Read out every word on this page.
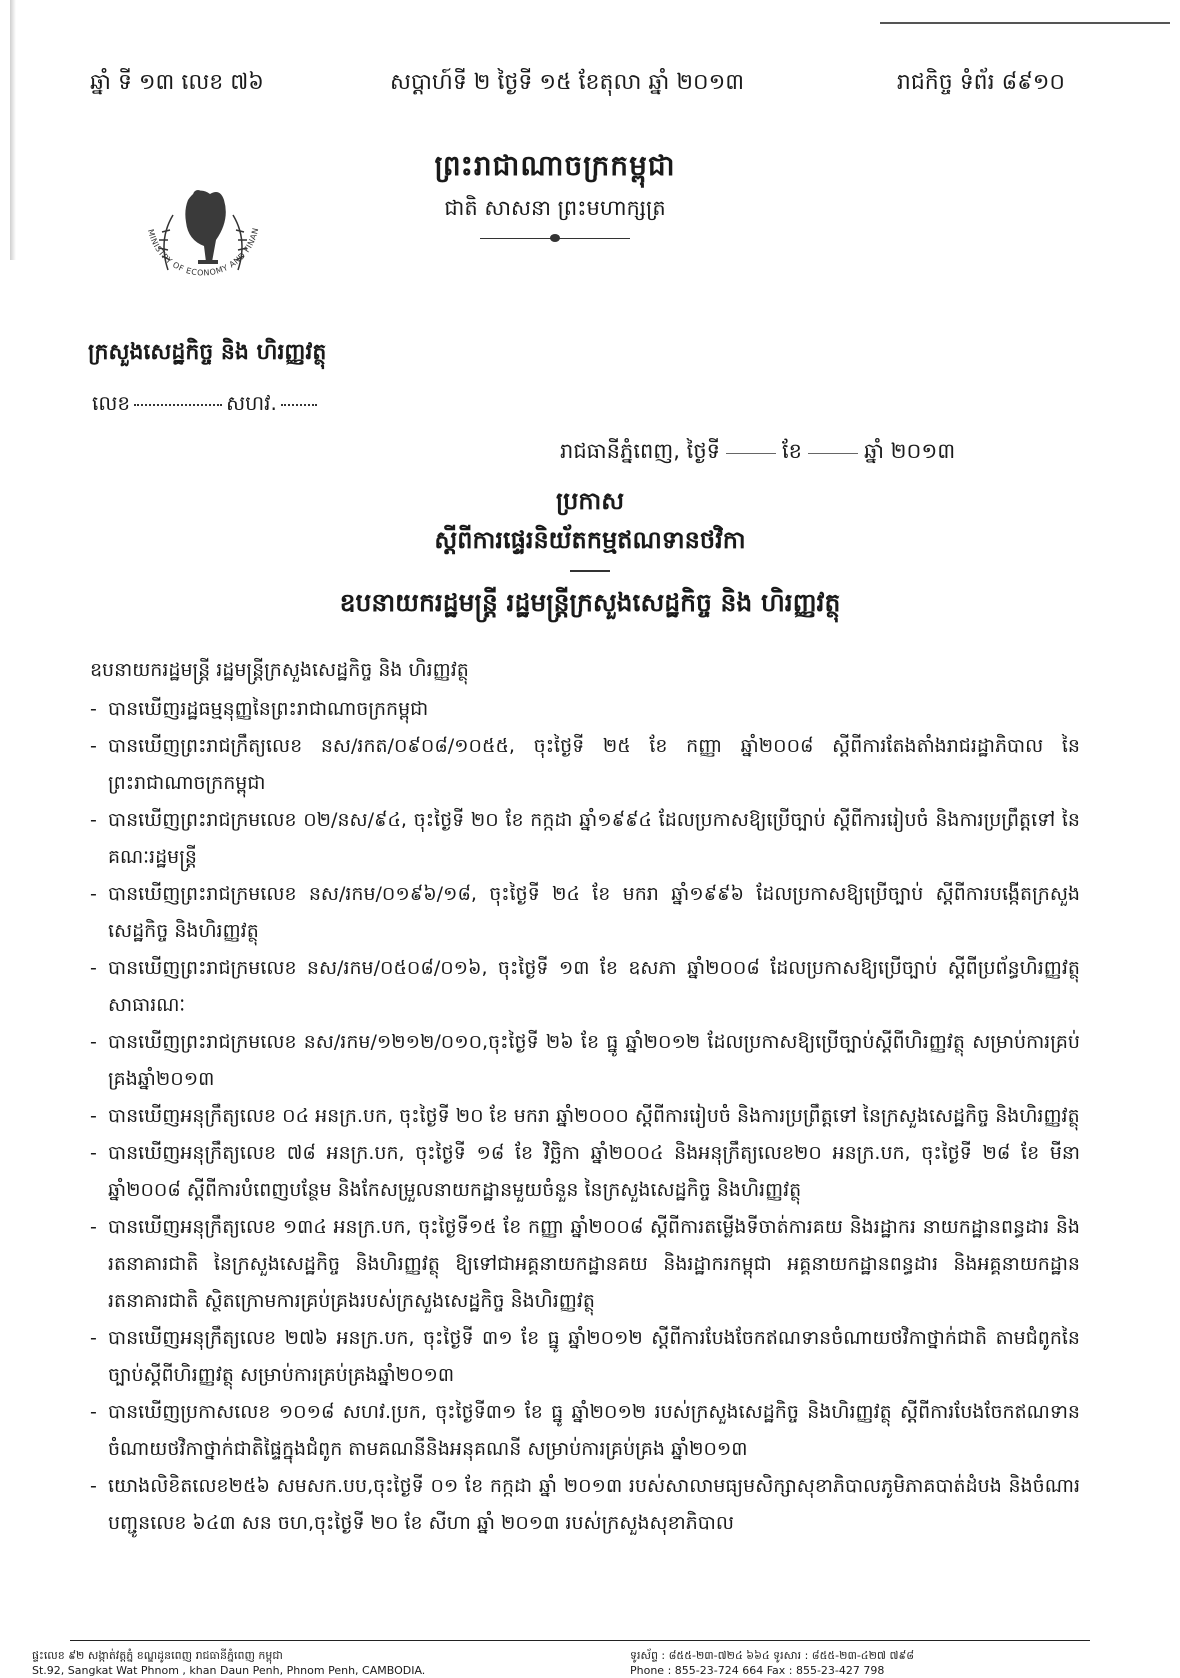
ឆ្នាំ ទី ១៣ លេខ ៧៦	សប្តាហ៍ទី ២ ថ្ងៃទី ១៥ ខែតុលា ឆ្នាំ ២០១៣	រាជកិច្ច ទំព័រ ៨៩១០
ព្រះរាជាណាចក្រកម្ពុជា
ជាតិ សាសនា ព្រះមហាក្សត្រ
MINISTRY OF ECONOMY AND FINAN
ក្រសួងសេដ្ឋកិច្ច និង ហិរញ្ញវត្ថុ
លេខ	សហវ.
រាជធានីភ្នំពេញ, ថ្ងៃទី	ខែ	ឆ្នាំ ២០១៣
ប្រកាស
ស្តីពីការផ្ទេរនិយ័តកម្មឥណទានថវិកា
ឧបនាយករដ្ឋមន្ត្រី រដ្ឋមន្ត្រីក្រសួងសេដ្ឋកិច្ច និង ហិរញ្ញវត្ថុ

ឧបនាយករដ្ឋមន្ត្រី រដ្ឋមន្ត្រីក្រសួងសេដ្ឋកិច្ច និង ហិរញ្ញវត្ថុ

- បានឃើញរដ្ឋធម្មនុញ្ញនៃព្រះរាជាណាចក្រកម្ពុជា
- បានឃើញព្រះរាជក្រឹត្យលេខ នស/រកត/០៩០៨/១០៥៥, ចុះថ្ងៃទី ២៥ ខែ កញ្ញា ឆ្នាំ២០០៨ ស្តីពីការតែងតាំងរាជរដ្ឋាភិបាល នៃព្រះរាជាណាចក្រកម្ពុជា
- បានឃើញព្រះរាជក្រមលេខ ០២/នស/៩៤, ចុះថ្ងៃទី ២០ ខែ កក្កដា ឆ្នាំ១៩៩៤ ដែលប្រកាសឱ្យប្រើច្បាប់ ស្តីពីការរៀបចំ និងការប្រព្រឹត្តទៅ នៃគណៈរដ្ឋមន្ត្រី
- បានឃើញព្រះរាជក្រមលេខ នស/រកម/០១៩៦/១៨, ចុះថ្ងៃទី ២៤ ខែ មករា ឆ្នាំ១៩៩៦ ដែលប្រកាសឱ្យប្រើច្បាប់ ស្តីពីការបង្កើតក្រសួងសេដ្ឋកិច្ច និងហិរញ្ញវត្ថុ
- បានឃើញព្រះរាជក្រមលេខ នស/រកម/០៥០៨/០១៦, ចុះថ្ងៃទី ១៣ ខែ ឧសភា ឆ្នាំ២០០៨ ដែលប្រកាសឱ្យប្រើច្បាប់ ស្តីពីប្រព័ន្ធហិរញ្ញវត្ថុសាធារណៈ
- បានឃើញព្រះរាជក្រមលេខ នស/រកម/១២១២/០១០,ចុះថ្ងៃទី ២៦ ខែ ធ្នូ ឆ្នាំ២០១២ ដែលប្រកាសឱ្យប្រើច្បាប់ស្តីពីហិរញ្ញវត្ថុ សម្រាប់ការគ្រប់គ្រងឆ្នាំ២០១៣
- បានឃើញអនុក្រឹត្យលេខ ០៤ អនក្រ.បក, ចុះថ្ងៃទី ២០ ខែ មករា ឆ្នាំ២០០០ ស្តីពីការរៀបចំ និងការប្រព្រឹត្តទៅ នៃក្រសួងសេដ្ឋកិច្ច និងហិរញ្ញវត្ថុ
- បានឃើញអនុក្រឹត្យលេខ ៧៨ អនក្រ.បក, ចុះថ្ងៃទី ១៨ ខែ វិច្ឆិកា ឆ្នាំ២០០៤ និងអនុក្រឹត្យលេខ២០ អនក្រ.បក, ចុះថ្ងៃទី ២៨ ខែ មីនា ឆ្នាំ២០០៨ ស្តីពីការបំពេញបន្ថែម និងកែសម្រួលនាយកដ្ឋានមួយចំនួន នៃក្រសួងសេដ្ឋកិច្ច និងហិរញ្ញវត្ថុ
- បានឃើញអនុក្រឹត្យលេខ ១៣៤ អនក្រ.បក, ចុះថ្ងៃទី១៥ ខែ កញ្ញា ឆ្នាំ២០០៨ ស្តីពីការតម្លើងទីចាត់ការគយ និងរដ្ឋាករ នាយកដ្ឋានពន្ធដារ និងរតនាគារជាតិ នៃក្រសួងសេដ្ឋកិច្ច និងហិរញ្ញវត្ថុ ឱ្យទៅជាអគ្គនាយកដ្ឋានគយ និងរដ្ឋាករកម្ពុជា អគ្គនាយកដ្ឋានពន្ធដារ និងអគ្គនាយកដ្ឋានរតនាគារជាតិ ស្ថិតក្រោមការគ្រប់គ្រងរបស់ក្រសួងសេដ្ឋកិច្ច និងហិរញ្ញវត្ថុ
- បានឃើញអនុក្រឹត្យលេខ ២៧៦ អនក្រ.បក, ចុះថ្ងៃទី ៣១ ខែ ធ្នូ ឆ្នាំ២០១២ ស្តីពីការបែងចែកឥណទានចំណាយថវិកាថ្នាក់ជាតិ តាមជំពូកនៃច្បាប់ស្តីពីហិរញ្ញវត្ថុ សម្រាប់ការគ្រប់គ្រងឆ្នាំ២០១៣
- បានឃើញប្រកាសលេខ ១០១៨ សហវ.ប្រក, ចុះថ្ងៃទី៣១ ខែ ធ្នូ ឆ្នាំ២០១២ របស់ក្រសួងសេដ្ឋកិច្ច និងហិរញ្ញវត្ថុ ស្តីពីការបែងចែកឥណទានចំណាយថវិកាថ្នាក់ជាតិផ្ទៃក្នុងជំពូក តាមគណនីនិងអនុគណនី សម្រាប់ការគ្រប់គ្រង ឆ្នាំ២០១៣
- យោងលិខិតលេខ២៥៦ សមសក.បប,ចុះថ្ងៃទី ០១ ខែ កក្កដា ឆ្នាំ ២០១៣ របស់សាលាមធ្យមសិក្សាសុខាភិបាលភូមិភាគបាត់ដំបង និងចំណារបញ្ជូនលេខ ៦៤៣ សន ចហ,ចុះថ្ងៃទី ២០ ខែ សីហា ឆ្នាំ ២០១៣ របស់ក្រសួងសុខាភិបាល
ផ្ទះលេខ ៩២ សង្កាត់វត្តភ្នំ ខណ្ឌដូនពេញ រាជធានីភ្នំពេញ កម្ពុជា
St.92, Sangkat Wat Phnom , khan Daun Penh, Phnom Penh, CAMBODIA.
ទូរស័ព្ទ : ៨៥៥-២៣-៧២៤ ៦៦៤ ទូរសារ : ៨៥៥-២៣-៤២៧ ៧៩៨
Phone : 855-23-724 664 Fax : 855-23-427 798
